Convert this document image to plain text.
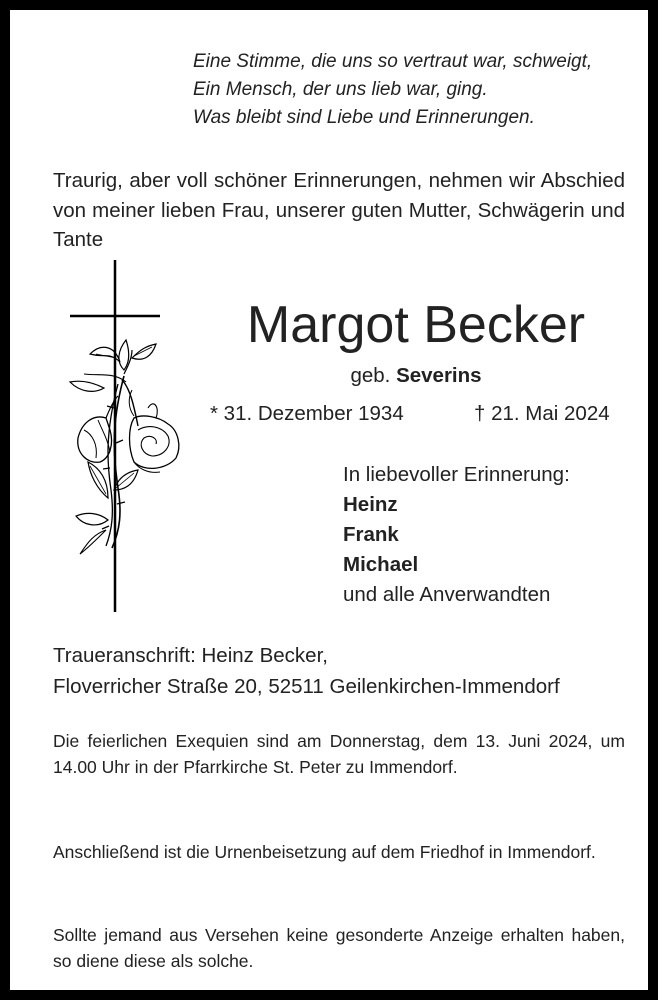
Eine Stimme, die uns so vertraut war, schweigt,
Ein Mensch, der uns lieb war, ging.
Was bleibt sind Liebe und Erinnerungen.
Traurig, aber voll schöner Erinnerungen, nehmen wir Abschied von meiner lieben Frau, unserer guten Mutter, Schwägerin und Tante
Margot Becker
geb. Severins
* 31. Dezember 1934	† 21. Mai 2024
In liebevoller Erinnerung:
Heinz
Frank
Michael
und alle Anverwandten
Traueranschrift: Heinz Becker,
Floverricher Straße 20, 52511 Geilenkirchen-Immendorf
Die feierlichen Exequien sind am Donnerstag, dem 13. Juni 2024, um 14.00 Uhr in der Pfarrkirche St. Peter zu Immendorf.
Anschließend ist die Urnenbeisetzung auf dem Friedhof in Immendorf.
Sollte jemand aus Versehen keine gesonderte Anzeige erhalten haben, so diene diese als solche.
